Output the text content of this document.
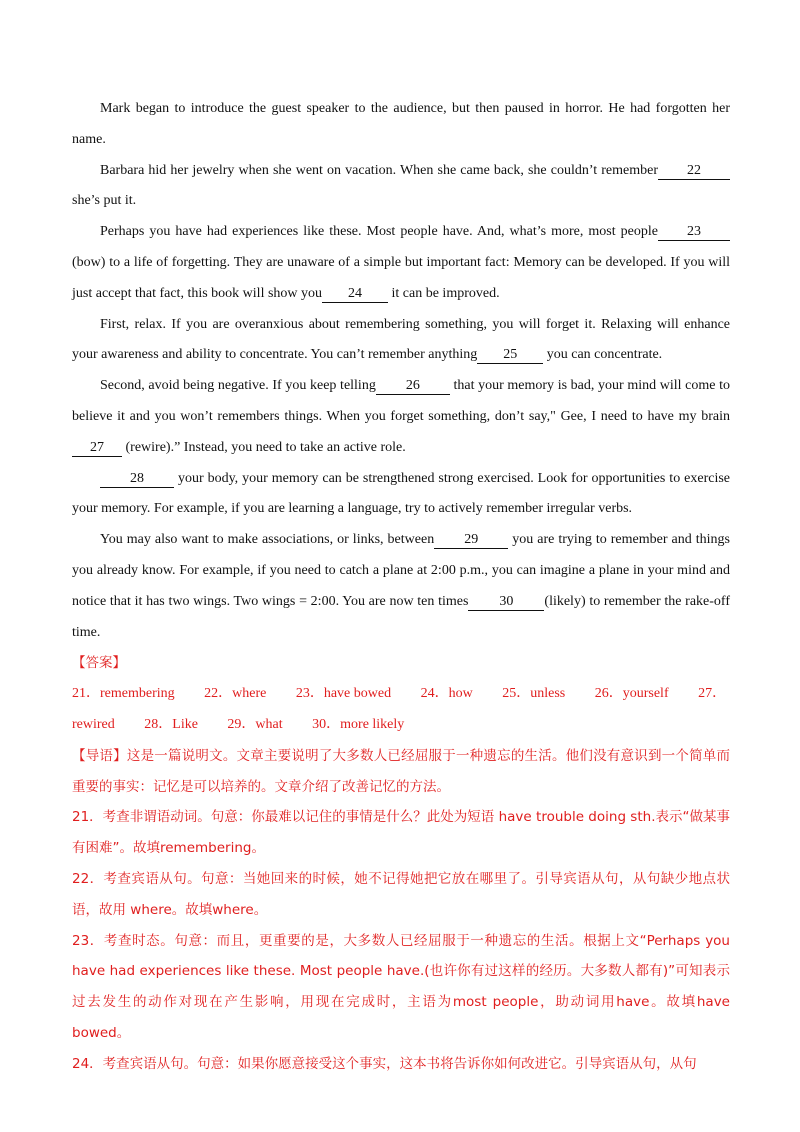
Mark began to introduce the guest speaker to the audience, but then paused in horror. He had forgotten her name.

Barbara hid her jewelry when she went on vacation. When she came back, she couldn’t remember 22 she’s put it.

Perhaps you have had experiences like these. Most people have. And, what’s more, most people 23 (bow) to a life of forgetting. They are unaware of a simple but important fact: Memory can be developed. If you will just accept that fact, this book will show you 24 it can be improved.

First, relax. If you are overanxious about remembering something, you will forget it. Relaxing will enhance your awareness and ability to concentrate. You can’t remember anything 25 you can concentrate.

Second, avoid being negative. If you keep telling 26 that your memory is bad, your mind will come to believe it and you won’t remembers things. When you forget something, don’t say," Gee, I need to have my brain 27 (rewire).” Instead, you need to take an active role.

28 your body, your memory can be strengthened strong exercised. Look for opportunities to exercise your memory. For example, if you are learning a language, try to actively remember irregular verbs.

You may also want to make associations, or links, between 29 you are trying to remember and things you already know. For example, if you need to catch a plane at 2:00 p.m., you can imagine a plane in your mind and notice that it has two wings. Two wings = 2:00. You are now ten times 30 (likely) to remember the rake-off time.

【答案】

21．remembering 22．where 23．have bowed 24．how 25．unless 26．yourself 27．
rewired 28．Like 29．what 30．more likely

【导语】这是一篇说明文。文章主要说明了大多数人已经屈服于一种遗忘的生活。他们没有意识到一个简单而重要的事实：记忆是可以培养的。文章介绍了改善记忆的方法。

21．考查非谓语动词。句意：你最难以记住的事情是什么？此处为短语 have trouble doing sth.表示“做某事有困难”。故填remembering。

22．考查宾语从句。句意：当她回来的时候，她不记得她把它放在哪里了。引导宾语从句，从句缺少地点状语，故用 where。故填where。

23．考查时态。句意：而且，更重要的是，大多数人已经屈服于一种遗忘的生活。根据上文“Perhaps you have had experiences like these. Most people have.(也许你有过这样的经历。大多数人都有)”可知表示过去发生的动作对现在产生影响，用现在完成时，主语为most people，助动词用have。故填have bowed。

24．考查宾语从句。句意：如果你愿意接受这个事实，这本书将告诉你如何改进它。引导宾语从句，从句
